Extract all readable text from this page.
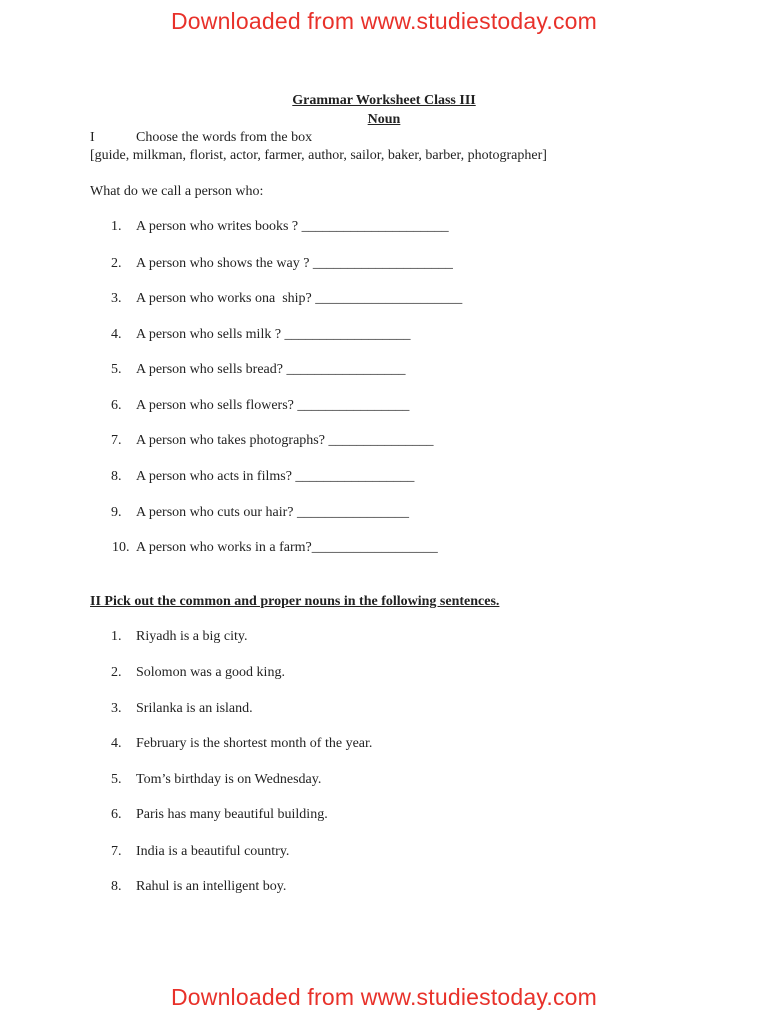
Downloaded from www.studiestoday.com
Grammar Worksheet Class III
Noun
I	Choose the words from the box
[guide, milkman, florist, actor, farmer, author, sailor, baker, barber, photographer]
What do we call a person who:
1. A person who writes books ? _____________________
2. A person who shows the way ? ____________________
3. A person who works ona  ship? _____________________
4. A person who sells milk ? __________________
5. A person who sells bread? _________________
6. A person who sells flowers? ________________
7. A person who takes photographs? _______________
8. A person who acts in films? _________________
9. A person who cuts our hair? ________________
10. A person who works in a farm?__________________
II Pick out the common and proper nouns in the following sentences.
1. Riyadh is a big city.
2. Solomon was a good king.
3. Srilanka is an island.
4. February is the shortest month of the year.
5. Tom’s birthday is on Wednesday.
6. Paris has many beautiful building.
7. India is a beautiful country.
8. Rahul is an intelligent boy.
Downloaded from www.studiestoday.com
